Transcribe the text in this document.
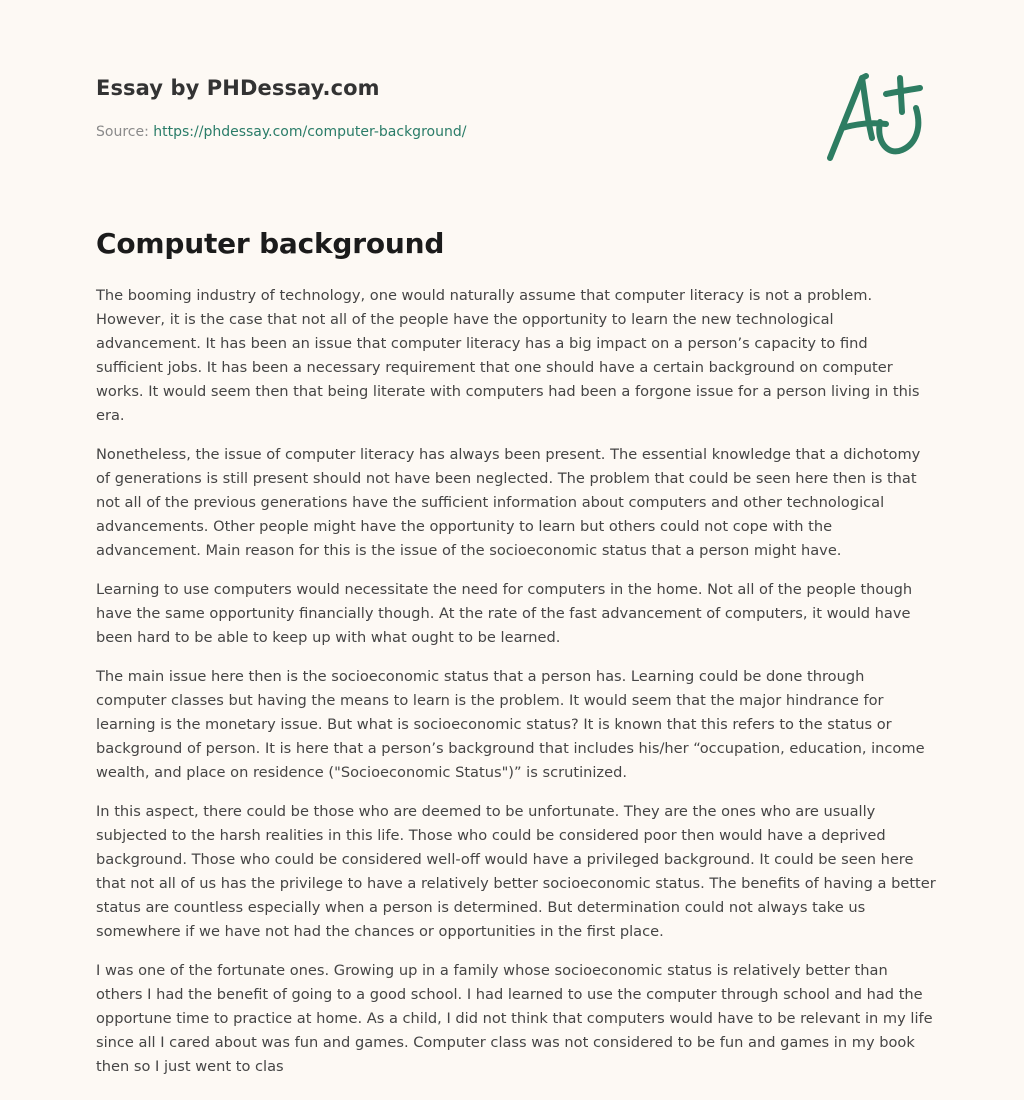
Essay by PHDessay.com
Source: https://phdessay.com/computer-background/
Computer background

The booming industry of technology, one would naturally assume that computer literacy is not a problem. However, it is the case that not all of the people have the opportunity to learn the new technological advancement. It has been an issue that computer literacy has a big impact on a person’s capacity to find sufficient jobs. It has been a necessary requirement that one should have a certain background on computer works. It would seem then that being literate with computers had been a forgone issue for a person living in this era.

Nonetheless, the issue of computer literacy has always been present. The essential knowledge that a dichotomy of generations is still present should not have been neglected. The problem that could be seen here then is that not all of the previous generations have the sufficient information about computers and other technological advancements. Other people might have the opportunity to learn but others could not cope with the advancement. Main reason for this is the issue of the socioeconomic status that a person might have.

Learning to use computers would necessitate the need for computers in the home. Not all of the people though have the same opportunity financially though. At the rate of the fast advancement of computers, it would have been hard to be able to keep up with what ought to be learned.

The main issue here then is the socioeconomic status that a person has. Learning could be done through computer classes but having the means to learn is the problem. It would seem that the major hindrance for learning is the monetary issue. But what is socioeconomic status? It is known that this refers to the status or background of person. It is here that a person’s background that includes his/her “occupation, education, income wealth, and place on residence ("Socioeconomic Status")” is scrutinized.

In this aspect, there could be those who are deemed to be unfortunate. They are the ones who are usually subjected to the harsh realities in this life. Those who could be considered poor then would have a deprived background. Those who could be considered well-off would have a privileged background. It could be seen here that not all of us has the privilege to have a relatively better socioeconomic status. The benefits of having a better status are countless especially when a person is determined. But determination could not always take us somewhere if we have not had the chances or opportunities in the first place.

I was one of the fortunate ones. Growing up in a family whose socioeconomic status is relatively better than others I had the benefit of going to a good school. I had learned to use the computer through school and had the opportune time to practice at home. As a child, I did not think that computers would have to be relevant in my life since all I cared about was fun and games. Computer class was not considered to be fun and games in my book then so I just went to clas
